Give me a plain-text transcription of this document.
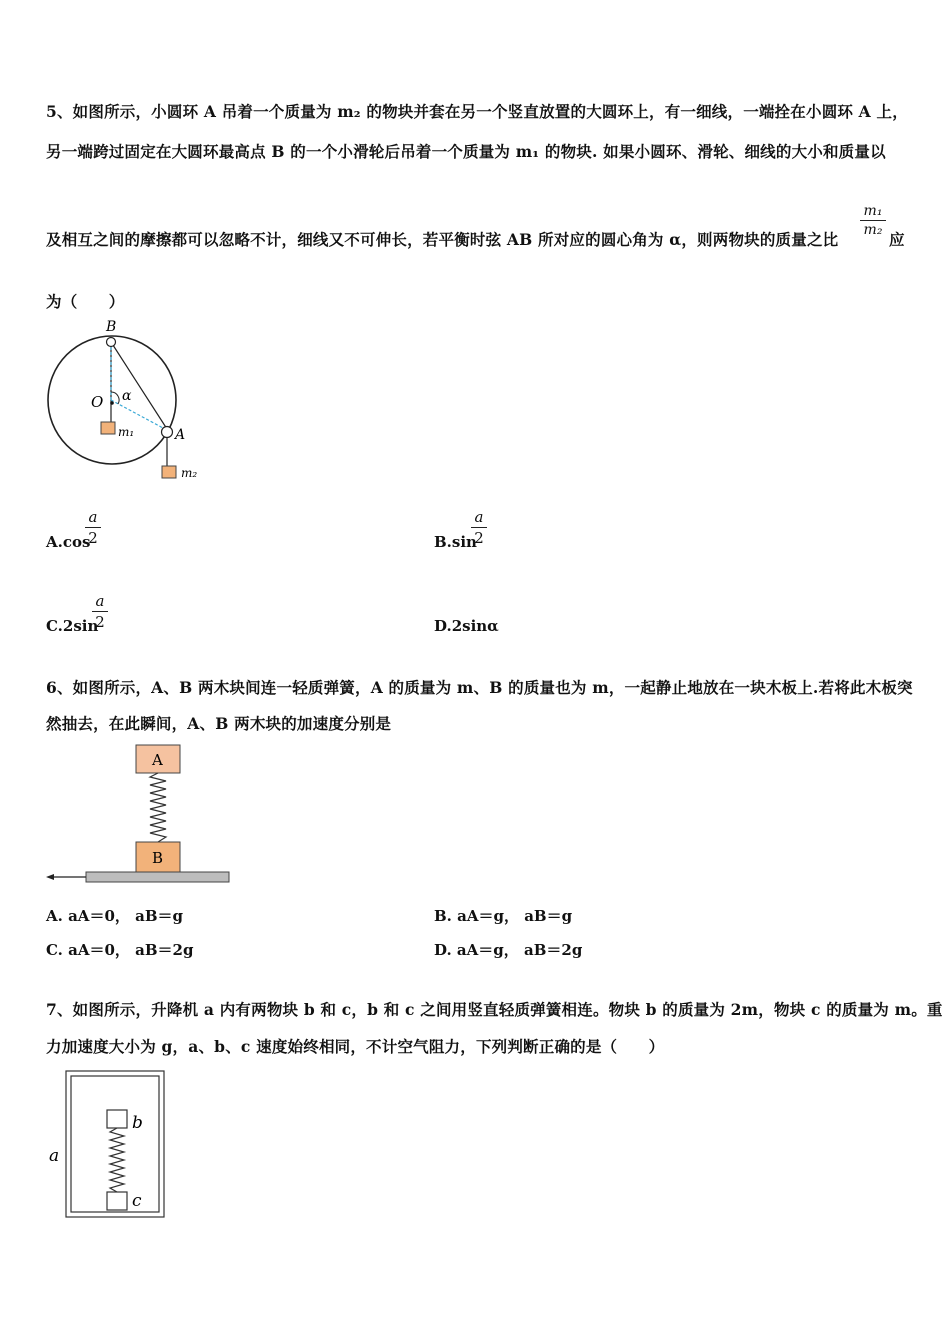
5、如图所示，小圆环 A 吊着一个质量为 m₂ 的物块并套在另一个竖直放置的大圆环上，有一细线，一端拴在小圆环 A 上，
另一端跨过固定在大圆环最高点 B 的一个小滑轮后吊着一个质量为 m₁ 的物块. 如果小圆环、滑轮、细线的大小和质量以
及相互之间的摩擦都可以忽略不计，细线又不可伸长，若平衡时弦 AB 所对应的圆心角为 α，则两物块的质量之比
m₁
m₂ 应
为（　　）
B
O α
A
m₁
m₂
A.cos
a
2	B.sin
a
2
C.2sin
a
2	D.2sinα
6、如图所示，A、B 两木块间连一轻质弹簧，A 的质量为 m、B 的质量也为 m，一起静止地放在一块木板上.若将此木板突
然抽去，在此瞬间，A、B 两木块的加速度分别是
A
B
A. aA＝0， aB＝g	B. aA＝g， aB＝g
C. aA＝0， aB＝2g	D. aA＝g， aB＝2g
7、如图所示，升降机 a 内有两物块 b 和 c，b 和 c 之间用竖直轻质弹簧相连。物块 b 的质量为 2m，物块 c 的质量为 m。重
力加速度大小为 g，a、b、c 速度始终相同，不计空气阻力，下列判断正确的是（　　）
a
b
c
